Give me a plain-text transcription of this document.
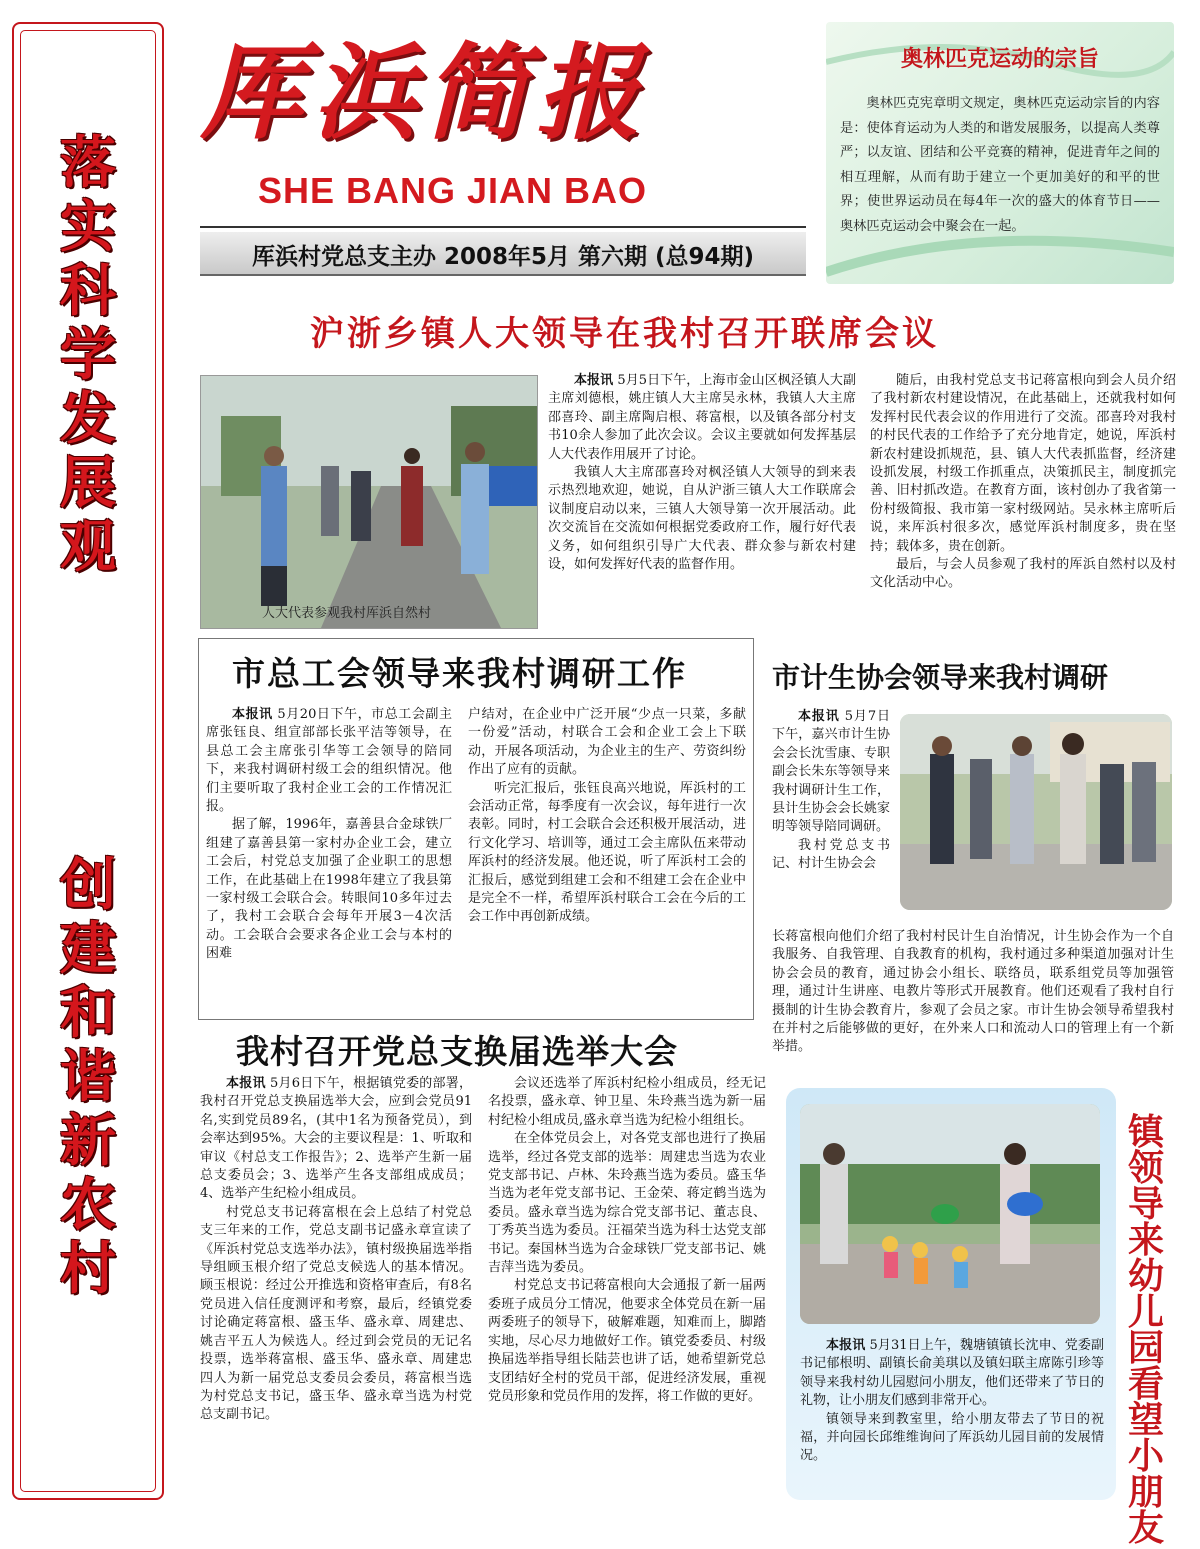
落
实
科
学
发
展
观
创
建
和
谐
新
农
村
厍浜简报
SHE BANG JIAN BAO
厍浜村党总支主办 2008年5月 第六期 (总94期)
奥林匹克运动的宗旨
奥林匹克宪章明文规定，奥林匹克运动宗旨的内容是：使体育运动为人类的和谐发展服务，以提高人类尊严；以友谊、团结和公平竞赛的精神，促进青年之间的相互理解，从而有助于建立一个更加美好的和平的世界；使世界运动员在每4年一次的盛大的体育节日——奥林匹克运动会中聚会在一起。
沪浙乡镇人大领导在我村召开联席会议
人大代表参观我村厍浜自然村

本报讯 5月5日下午，上海市金山区枫泾镇人大副主席刘德根，姚庄镇人大主席吴永林，我镇人大主席邵喜玲、副主席陶启根、蒋富根，以及镇各部分村支书10余人参加了此次会议。会议主要就如何发挥基层人大代表作用展开了讨论。

我镇人大主席邵喜玲对枫泾镇人大领导的到来表示热烈地欢迎，她说，自从沪浙三镇人大工作联席会议制度启动以来，三镇人大领导第一次开展活动。此次交流旨在交流如何根据党委政府工作，履行好代表义务，如何组织引导广大代表、群众参与新农村建设，如何发挥好代表的监督作用。

随后，由我村党总支书记蒋富根向到会人员介绍了我村新农村建设情况，在此基础上，还就我村如何发挥村民代表会议的作用进行了交流。邵喜玲对我村的村民代表的工作给予了充分地肯定，她说，厍浜村新农村建设抓规范，县、镇人大代表抓监督，经济建设抓发展，村级工作抓重点，决策抓民主，制度抓完善、旧村抓改造。在教育方面，该村创办了我省第一份村级简报、我市第一家村级网站。吴永林主席听后说，来厍浜村很多次，感觉厍浜村制度多，贵在坚持；载体多，贵在创新。

最后，与会人员参观了我村的厍浜自然村以及村文化活动中心。

市总工会领导来我村调研工作

本报讯 5月20日下午，市总工会副主席张钰良、组宣部部长张平洁等领导，在县总工会主席张引华等工会领导的陪同下，来我村调研村级工会的组织情况。他们主要听取了我村企业工会的工作情况汇报。

据了解，1996年，嘉善县合金球铁厂组建了嘉善县第一家村办企业工会，建立工会后，村党总支加强了企业职工的思想工作，在此基础上在1998年建立了我县第一家村级工会联合会。转眼间10多年过去了，我村工会联合会每年开展3－4次活动。工会联合会要求各企业工会与本村的困难

户结对，在企业中广泛开展“少点一只菜，多献一份爱”活动，村联合工会和企业工会上下联动，开展各项活动，为企业主的生产、劳资纠纷作出了应有的贡献。

听完汇报后，张钰良高兴地说，厍浜村的工会活动正常，每季度有一次会议，每年进行一次表彰。同时，村工会联合会还积极开展活动，进行文化学习、培训等，通过工会主席队伍来带动厍浜村的经济发展。他还说，听了厍浜村工会的汇报后，感觉到组建工会和不组建工会在企业中是完全不一样，希望厍浜村联合工会在今后的工会工作中再创新成绩。

市计生协会领导来我村调研

本报讯 5月7日下午，嘉兴市计生协会会长沈雪康、专职副会长朱东等领导来我村调研计生工作，县计生协会会长姚家明等领导陪同调研。

我村党总支书记、村计生协会会

长蒋富根向他们介绍了我村村民计生自治情况，计生协会作为一个自我服务、自我管理、自我教育的机构，我村通过多种渠道加强对计生协会会员的教育，通过协会小组长、联络员，联系组党员等加强管理，通过计生讲座、电教片等形式开展教育。他们还观看了我村自行摄制的计生协会教育片，参观了会员之家。市计生协会领导希望我村在并村之后能够做的更好，在外来人口和流动人口的管理上有一个新举措。

我村召开党总支换届选举大会

本报讯 5月6日下午，根据镇党委的部署，我村召开党总支换届选举大会，应到会党员91名,实到党员89名，(其中1名为预备党员），到会率达到95%。大会的主要议程是：1、听取和审议《村总支工作报告》；2、选举产生新一届总支委员会；3、选举产生各支部组成成员；4、选举产生纪检小组成员。

村党总支书记蒋富根在会上总结了村党总支三年来的工作，党总支副书记盛永章宣读了《厍浜村党总支选举办法》，镇村级换届选举指导组顾玉根介绍了党总支候选人的基本情况。顾玉根说：经过公开推选和资格审查后，有8名党员进入信任度测评和考察，最后，经镇党委讨论确定蒋富根、盛玉华、盛永章、周建忠、姚吉平五人为候选人。经过到会党员的无记名投票，选举蒋富根、盛玉华、盛永章、周建忠四人为新一届党总支委员会委员，蒋富根当选为村党总支书记，盛玉华、盛永章当选为村党总支副书记。

会议还选举了厍浜村纪检小组成员，经无记名投票，盛永章、钟卫星、朱玲燕当选为新一届村纪检小组成员,盛永章当选为纪检小组组长。

在全体党员会上，对各党支部也进行了换届选举，经过各党支部的选举：周建忠当选为农业党支部书记、卢林、朱玲燕当选为委员。盛玉华当选为老年党支部书记、王金荣、蒋定鹤当选为委员。盛永章当选为综合党支部书记、董志良、丁秀英当选为委员。汪福荣当选为科士达党支部书记。秦国林当选为合金球铁厂党支部书记、姚吉萍当选为委员。

村党总支书记蒋富根向大会通报了新一届两委班子成员分工情况，他要求全体党员在新一届两委班子的领导下，破解难题，知难而上，脚踏实地，尽心尽力地做好工作。镇党委委员、村级换届选举指导组长陆芸也讲了话，她希望新党总支团结好全村的党员干部，促进经济发展，重视党员形象和党员作用的发挥，将工作做的更好。

本报讯 5月31日上午，魏塘镇镇长沈申、党委副书记郁根明、副镇长俞美琪以及镇妇联主席陈引珍等领导来我村幼儿园慰问小朋友，他们还带来了节日的礼物，让小朋友们感到非常开心。

镇领导来到教室里，给小朋友带去了节日的祝福，并向园长邱维维询问了厍浜幼儿园目前的发展情况。

镇
领
导
来
幼
儿
园
看
望
小
朋
友
